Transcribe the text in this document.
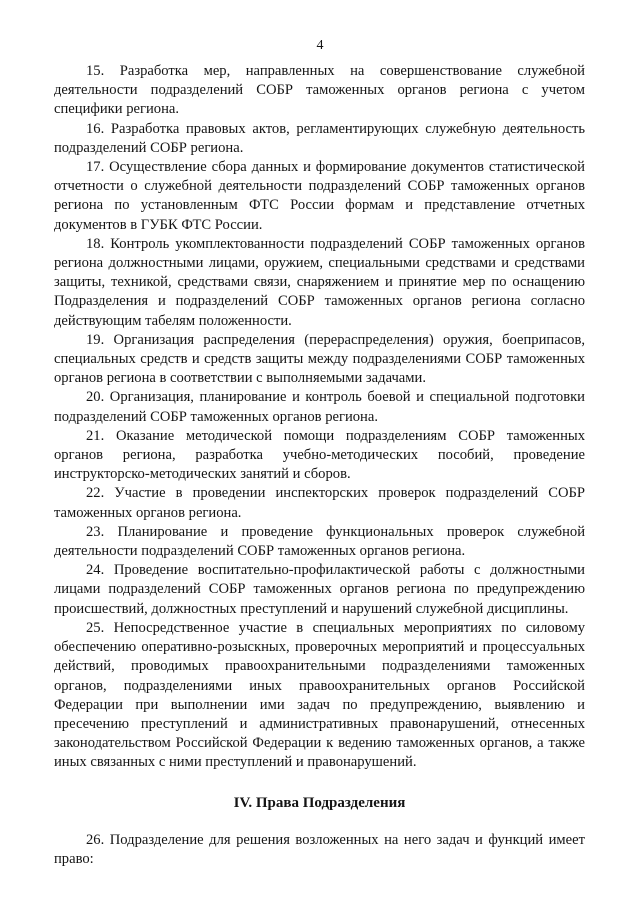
4

15. Разработка мер, направленных на совершенствование служебной деятельности подразделений СОБР таможенных органов региона с учетом специфики региона.

16. Разработка правовых актов, регламентирующих служебную деятельность подразделений СОБР региона.

17. Осуществление сбора данных и формирование документов статистической отчетности о служебной деятельности подразделений СОБР таможенных органов региона по установленным ФТС России формам и представление отчетных документов в ГУБК ФТС России.

18. Контроль укомплектованности подразделений СОБР таможенных органов региона должностными лицами, оружием, специальными средствами и средствами защиты, техникой, средствами связи, снаряжением и принятие мер по оснащению Подразделения и подразделений СОБР таможенных органов региона согласно действующим табелям положенности.

19. Организация распределения (перераспределения) оружия, боеприпасов, специальных средств и средств защиты между подразделениями СОБР таможенных органов региона в соответствии с выполняемыми задачами.

20. Организация, планирование и контроль боевой и специальной подготовки подразделений СОБР таможенных органов региона.

21. Оказание методической помощи подразделениям СОБР таможенных органов региона, разработка учебно-методических пособий, проведение инструкторско-методических занятий и сборов.

22. Участие в проведении инспекторских проверок подразделений СОБР таможенных органов региона.

23. Планирование и проведение функциональных проверок служебной деятельности подразделений СОБР таможенных органов региона.

24. Проведение воспитательно-профилактической работы с должностными лицами подразделений СОБР таможенных органов региона по предупреждению происшествий, должностных преступлений и нарушений служебной дисциплины.

25. Непосредственное участие в специальных мероприятиях по силовому обеспечению оперативно-розыскных, проверочных мероприятий и процессуальных действий, проводимых правоохранительными подразделениями таможенных органов, подразделениями иных правоохранительных органов Российской Федерации при выполнении ими задач по предупреждению, выявлению и пресечению преступлений и административных правонарушений, отнесенных законодательством Российской Федерации к ведению таможенных органов, а также иных связанных с ними преступлений и правонарушений.

IV. Права Подразделения

26. Подразделение для решения возложенных на него задач и функций имеет право:
